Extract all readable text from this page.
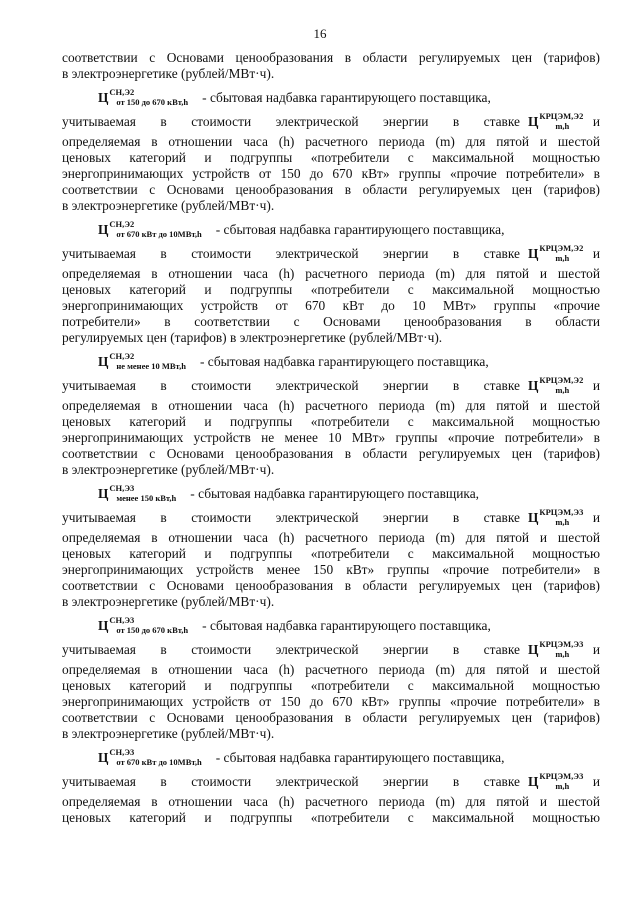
16
соответствии с Основами ценообразования в области регулируемых цен (тарифов)
в электроэнергетике (рублей/МВт·ч).
$Ц^{СН,Э2}_{от 150 до 670 кВт,h}$ - сбытовая надбавка гарантирующего поставщика,
учитываемая в стоимости электрической энергии в ставке $Ц^{КРЦЭМ,Э2}_{m,h}$	и
определяемая в отношении часа (h) расчетного периода (m) для пятой и шестой
ценовых категорий и подгруппы «потребители с максимальной мощностью
энергопринимающих устройств от 150 до 670 кВт» группы «прочие потребители» в
соответствии с Основами ценообразования в области регулируемых цен (тарифов)
в электроэнергетике (рублей/МВт·ч).
$Ц^{СН,Э2}_{от 670 кВт до 10МВт,h}$ - сбытовая надбавка гарантирующего поставщика,
учитываемая в стоимости электрической энергии в ставке $Ц^{КРЦЭМ,Э2}_{m,h}$	и
определяемая в отношении часа (h) расчетного периода (m) для пятой и шестой
ценовых категорий и подгруппы «потребители с максимальной мощностью
энергопринимающих устройств от 670 кВт до 10 МВт» группы «прочие
потребители» в соответствии с Основами ценообразования в области
регулируемых цен (тарифов) в электроэнергетике (рублей/МВт·ч).
$Ц^{СН,Э2}_{не менее 10 МВт,h}$ - сбытовая надбавка гарантирующего поставщика,
учитываемая в стоимости электрической энергии в ставке $Ц^{КРЦЭМ,Э2}_{m,h}$	и
определяемая в отношении часа (h) расчетного периода (m) для пятой и шестой
ценовых категорий и подгруппы «потребители с максимальной мощностью
энергопринимающих устройств не менее 10 МВт» группы «прочие потребители» в
соответствии с Основами ценообразования в области регулируемых цен (тарифов)
в электроэнергетике (рублей/МВт·ч).
$Ц^{СН,Э3}_{менее 150 кВт,h}$ - сбытовая надбавка гарантирующего поставщика,
учитываемая в стоимости электрической энергии в ставке $Ц^{КРЦЭМ,Э3}_{m,h}$	и
определяемая в отношении часа (h) расчетного периода (m) для пятой и шестой
ценовых категорий и подгруппы «потребители с максимальной мощностью
энергопринимающих устройств менее 150 кВт» группы «прочие потребители» в
соответствии с Основами ценообразования в области регулируемых цен (тарифов)
в электроэнергетике (рублей/МВт·ч).
$Ц^{СН,Э3}_{от 150 до 670 кВт,h}$ - сбытовая надбавка гарантирующего поставщика,
учитываемая в стоимости электрической энергии в ставке $Ц^{КРЦЭМ,Э3}_{m,h}$	и
определяемая в отношении часа (h) расчетного периода (m) для пятой и шестой
ценовых категорий и подгруппы «потребители с максимальной мощностью
энергопринимающих устройств от 150 до 670 кВт» группы «прочие потребители» в
соответствии с Основами ценообразования в области регулируемых цен (тарифов)
в электроэнергетике (рублей/МВт·ч).
$Ц^{СН,Э3}_{от 670 кВт до 10МВт,h}$ - сбытовая надбавка гарантирующего поставщика,
учитываемая в стоимости электрической энергии в ставке $Ц^{КРЦЭМ,Э3}_{m,h}$	и
определяемая в отношении часа (h) расчетного периода (m) для пятой и шестой
ценовых категорий и подгруппы «потребители с максимальной мощностью
